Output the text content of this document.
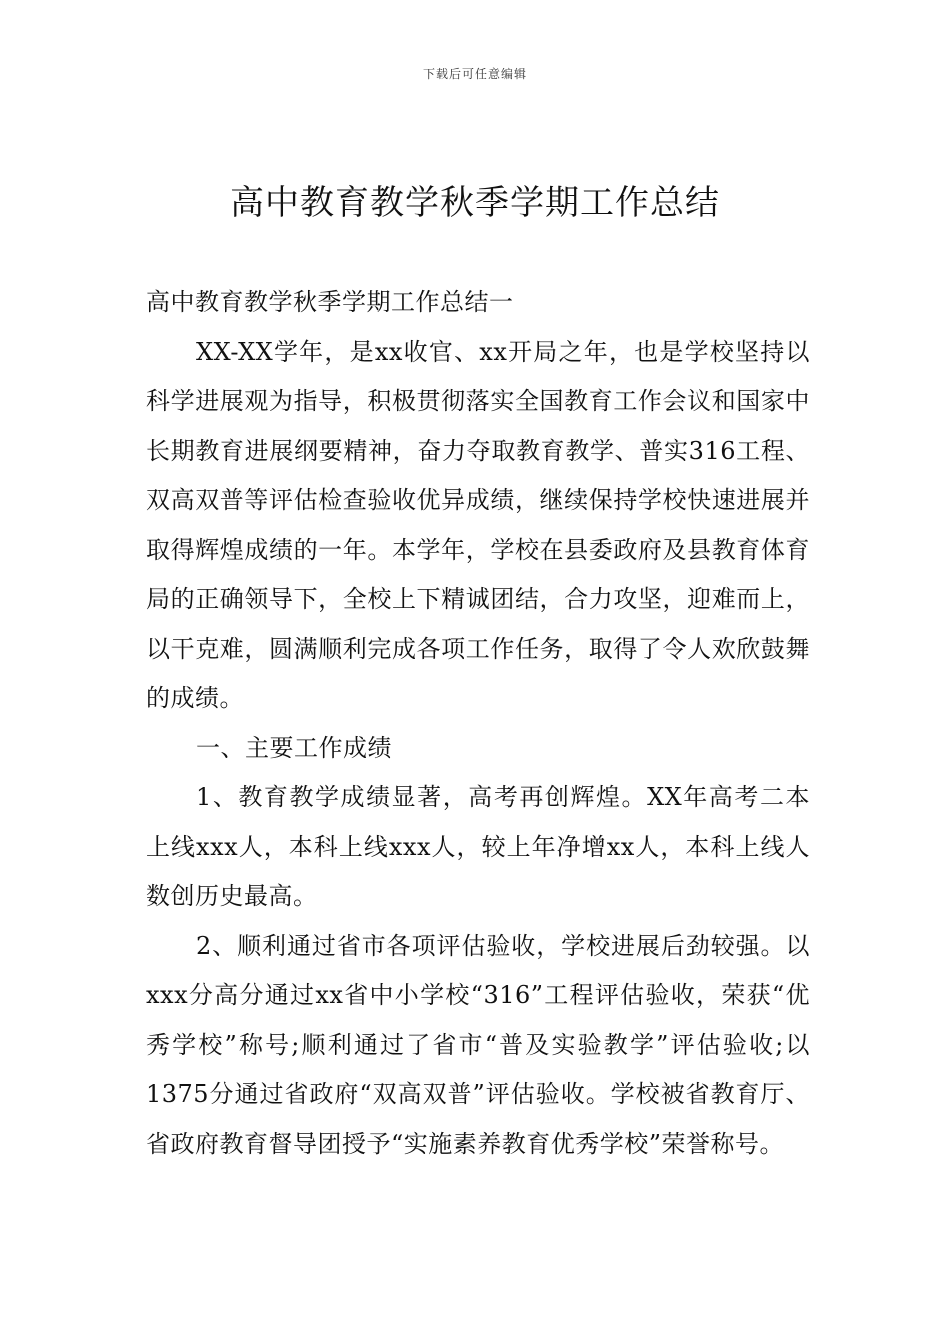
下载后可任意编辑
高中教育教学秋季学期工作总结

高中教育教学秋季学期工作总结一

XX-XX学年，是xx收官、xx开局之年，也是学校坚持以科学进展观为指导，积极贯彻落实全国教育工作会议和国家中长期教育进展纲要精神，奋力夺取教育教学、普实316工程、双高双普等评估检查验收优异成绩，继续保持学校快速进展并取得辉煌成绩的一年。本学年，学校在县委政府及县教育体育局的正确领导下，全校上下精诚团结，合力攻坚，迎难而上，以干克难，圆满顺利完成各项工作任务，取得了令人欢欣鼓舞的成绩。

一、主要工作成绩

1、教育教学成绩显著，高考再创辉煌。XX年高考二本上线xxx人，本科上线xxx人，较上年净增xx人，本科上线人数创历史最高。

2、顺利通过省市各项评估验收，学校进展后劲较强。以xxx分高分通过xx省中小学校“316”工程评估验收，荣获“优秀学校”称号;顺利通过了省市“普及实验教学”评估验收;以1375分通过省政府“双高双普”评估验收。学校被省教育厅、省政府教育督导团授予“实施素养教育优秀学校”荣誉称号。
